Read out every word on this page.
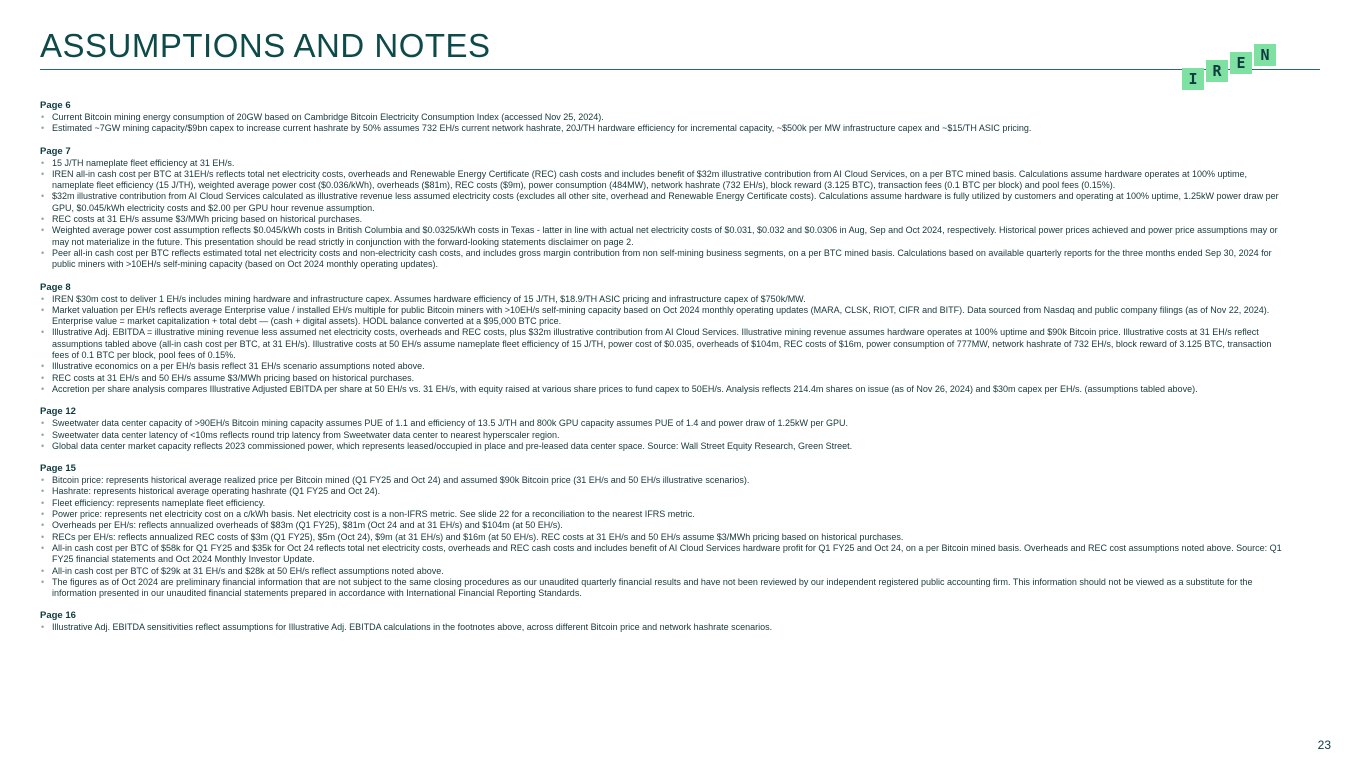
ASSUMPTIONS AND NOTES
I R E N
Page 6
• Current Bitcoin mining energy consumption of 20GW based on Cambridge Bitcoin Electricity Consumption Index (accessed Nov 25, 2024).
• Estimated ~7GW mining capacity/$9bn capex to increase current hashrate by 50% assumes 732 EH/s current network hashrate, 20J/TH hardware efficiency for incremental capacity, ~$500k per MW infrastructure capex and ~$15/TH ASIC pricing.
Page 7
• 15 J/TH nameplate fleet efficiency at 31 EH/s.
• IREN all-in cash cost per BTC at 31EH/s reflects total net electricity costs, overheads and Renewable Energy Certificate (REC) cash costs and includes benefit of $32m illustrative contribution from AI Cloud Services, on a per BTC mined basis. Calculations assume hardware operates at 100% uptime, nameplate fleet efficiency (15 J/TH), weighted average power cost ($0.036/kWh), overheads ($81m), REC costs ($9m), power consumption (484MW), network hashrate (732 EH/s), block reward (3.125 BTC), transaction fees (0.1 BTC per block) and pool fees (0.15%).
• $32m illustrative contribution from AI Cloud Services calculated as illustrative revenue less assumed electricity costs (excludes all other site, overhead and Renewable Energy Certificate costs). Calculations assume hardware is fully utilized by customers and operating at 100% uptime, 1.25kW power draw per GPU, $0.045/kWh electricity costs and $2.00 per GPU hour revenue assumption.
• REC costs at 31 EH/s assume $3/MWh pricing based on historical purchases.
• Weighted average power cost assumption reflects $0.045/kWh costs in British Columbia and $0.0325/kWh costs in Texas - latter in line with actual net electricity costs of $0.031, $0.032 and $0.0306 in Aug, Sep and Oct 2024, respectively. Historical power prices achieved and power price assumptions may or may not materialize in the future. This presentation should be read strictly in conjunction with the forward-looking statements disclaimer on page 2.
• Peer all-in cash cost per BTC reflects estimated total net electricity costs and non-electricity cash costs, and includes gross margin contribution from non self-mining business segments, on a per BTC mined basis. Calculations based on available quarterly reports for the three months ended Sep 30, 2024 for public miners with >10EH/s self-mining capacity (based on Oct 2024 monthly operating updates).
Page 8
• IREN $30m cost to deliver 1 EH/s includes mining hardware and infrastructure capex. Assumes hardware efficiency of 15 J/TH, $18.9/TH ASIC pricing and infrastructure capex of $750k/MW.
• Market valuation per EH/s reflects average Enterprise value / installed EH/s multiple for public Bitcoin miners with >10EH/s self-mining capacity based on Oct 2024 monthly operating updates (MARA, CLSK, RIOT, CIFR and BITF). Data sourced from Nasdaq and public company filings (as of Nov 22, 2024). Enterprise value = market capitalization + total debt — (cash + digital assets). HODL balance converted at a $95,000 BTC price.
• Illustrative Adj. EBITDA = illustrative mining revenue less assumed net electricity costs, overheads and REC costs, plus $32m illustrative contribution from AI Cloud Services. Illustrative mining revenue assumes hardware operates at 100% uptime and $90k Bitcoin price. Illustrative costs at 31 EH/s reflect assumptions tabled above (all-in cash cost per BTC, at 31 EH/s). Illustrative costs at 50 EH/s assume nameplate fleet efficiency of 15 J/TH, power cost of $0.035, overheads of $104m, REC costs of $16m, power consumption of 777MW, network hashrate of 732 EH/s, block reward of 3.125 BTC, transaction fees of 0.1 BTC per block, pool fees of 0.15%.
• Illustrative economics on a per EH/s basis reflect 31 EH/s scenario assumptions noted above.
• REC costs at 31 EH/s and 50 EH/s assume $3/MWh pricing based on historical purchases.
• Accretion per share analysis compares Illustrative Adjusted EBITDA per share at 50 EH/s vs. 31 EH/s, with equity raised at various share prices to fund capex to 50EH/s. Analysis reflects 214.4m shares on issue (as of Nov 26, 2024) and $30m capex per EH/s. (assumptions tabled above).
Page 12
• Sweetwater data center capacity of >90EH/s Bitcoin mining capacity assumes PUE of 1.1 and efficiency of 13.5 J/TH and 800k GPU capacity assumes PUE of 1.4 and power draw of 1.25kW per GPU.
• Sweetwater data center latency of <10ms reflects round trip latency from Sweetwater data center to nearest hyperscaler region.
• Global data center market capacity reflects 2023 commissioned power, which represents leased/occupied in place and pre-leased data center space. Source: Wall Street Equity Research, Green Street.
Page 15
• Bitcoin price: represents historical average realized price per Bitcoin mined (Q1 FY25 and Oct 24) and assumed $90k Bitcoin price (31 EH/s and 50 EH/s illustrative scenarios).
• Hashrate: represents historical average operating hashrate (Q1 FY25 and Oct 24).
• Fleet efficiency: represents nameplate fleet efficiency.
• Power price: represents net electricity cost on a c/kWh basis. Net electricity cost is a non-IFRS metric. See slide 22 for a reconciliation to the nearest IFRS metric.
• Overheads per EH/s: reflects annualized overheads of $83m (Q1 FY25), $81m (Oct 24 and at 31 EH/s) and $104m (at 50 EH/s).
• RECs per EH/s: reflects annualized REC costs of $3m (Q1 FY25), $5m (Oct 24), $9m (at 31 EH/s) and $16m (at 50 EH/s). REC costs at 31 EH/s and 50 EH/s assume $3/MWh pricing based on historical purchases.
• All-in cash cost per BTC of $58k for Q1 FY25 and $35k for Oct 24 reflects total net electricity costs, overheads and REC cash costs and includes benefit of AI Cloud Services hardware profit for Q1 FY25 and Oct 24, on a per Bitcoin mined basis. Overheads and REC cost assumptions noted above. Source: Q1 FY25 financial statements and Oct 2024 Monthly Investor Update.
• All-in cash cost per BTC of $29k at 31 EH/s and $28k at 50 EH/s reflect assumptions noted above.
• The figures as of Oct 2024 are preliminary financial information that are not subject to the same closing procedures as our unaudited quarterly financial results and have not been reviewed by our independent registered public accounting firm. This information should not be viewed as a substitute for the information presented in our unaudited financial statements prepared in accordance with International Financial Reporting Standards.
Page 16
• Illustrative Adj. EBITDA sensitivities reflect assumptions for Illustrative Adj. EBITDA calculations in the footnotes above, across different Bitcoin price and network hashrate scenarios.
23
